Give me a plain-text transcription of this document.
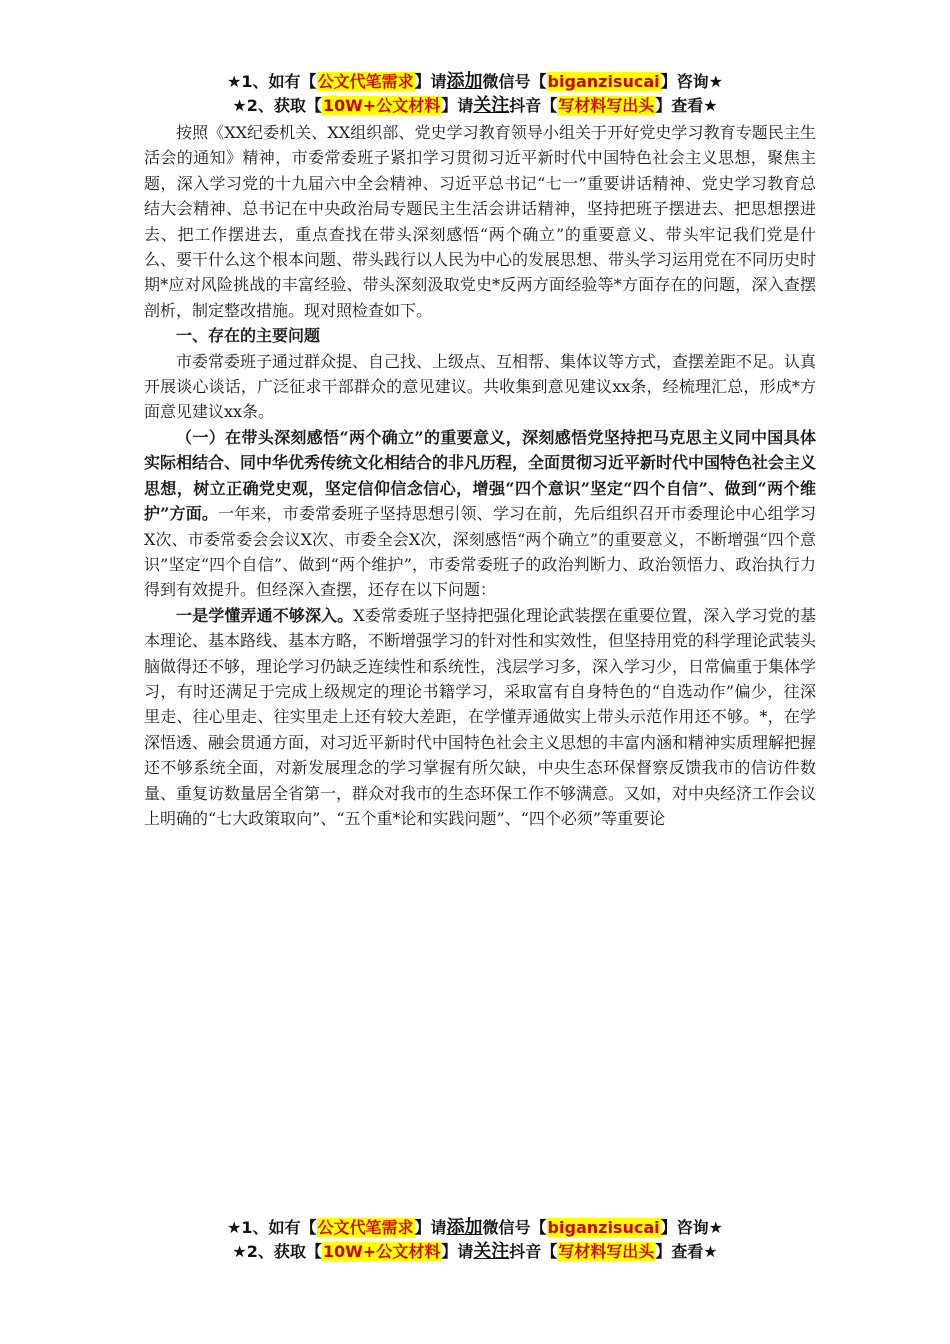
★1、如有【公文代笔需求】请添加微信号【biganzisucai】咨询★
★2、获取【10W+公文材料】请关注抖音【写材料写出头】查看★

按照《XX纪委机关、XX组织部、党史学习教育领导小组关于开好党史学习教育专题民主生活会的通知》精神，市委常委班子紧扣学习贯彻习近平新时代中国特色社会主义思想，聚焦主题，深入学习党的十九届六中全会精神、习近平总书记“七一”重要讲话精神、党史学习教育总结大会精神、总书记在中央政治局专题民主生活会讲话精神，坚持把班子摆进去、把思想摆进去、把工作摆进去，重点查找在带头深刻感悟“两个确立”的重要意义、带头牢记我们党是什么、要干什么这个根本问题、带头践行以人民为中心的发展思想、带头学习运用党在不同历史时期*应对风险挑战的丰富经验、带头深刻汲取党史*反两方面经验等*方面存在的问题，深入查摆剖析，制定整改措施。现对照检查如下。

一、存在的主要问题

市委常委班子通过群众提、自己找、上级点、互相帮、集体议等方式，查摆差距不足。认真开展谈心谈话，广泛征求干部群众的意见建议。共收集到意见建议xx条，经梳理汇总，形成*方面意见建议xx条。

（一）在带头深刻感悟“两个确立”的重要意义，深刻感悟党坚持把马克思主义同中国具体实际相结合、同中华优秀传统文化相结合的非凡历程，全面贯彻习近平新时代中国特色社会主义思想，树立正确党史观，坚定信仰信念信心，增强“四个意识”坚定“四个自信”、做到“两个维护”方面。一年来，市委常委班子坚持思想引领、学习在前，先后组织召开市委理论中心组学习X次、市委常委会会议X次、市委全会X次，深刻感悟“两个确立”的重要意义，不断增强“四个意识”坚定“四个自信”、做到“两个维护”，市委常委班子的政治判断力、政治领悟力、政治执行力得到有效提升。但经深入查摆，还存在以下问题：

一是学懂弄通不够深入。X委常委班子坚持把强化理论武装摆在重要位置，深入学习党的基本理论、基本路线、基本方略，不断增强学习的针对性和实效性，但坚持用党的科学理论武装头脑做得还不够，理论学习仍缺乏连续性和系统性，浅层学习多，深入学习少，日常偏重于集体学习，有时还满足于完成上级规定的理论书籍学习，采取富有自身特色的“自选动作”偏少，往深里走、往心里走、往实里走上还有较大差距，在学懂弄通做实上带头示范作用还不够。*，在学深悟透、融会贯通方面，对习近平新时代中国特色社会主义思想的丰富内涵和精神实质理解把握还不够系统全面，对新发展理念的学习掌握有所欠缺，中央生态环保督察反馈我市的信访件数量、重复访数量居全省第一，群众对我市的生态环保工作不够满意。又如，对中央经济工作会议上明确的“七大政策取向”、“五个重*论和实践问题”、“四个必须”等重要论

★1、如有【公文代笔需求】请添加微信号【biganzisucai】咨询★
★2、获取【10W+公文材料】请关注抖音【写材料写出头】查看★
